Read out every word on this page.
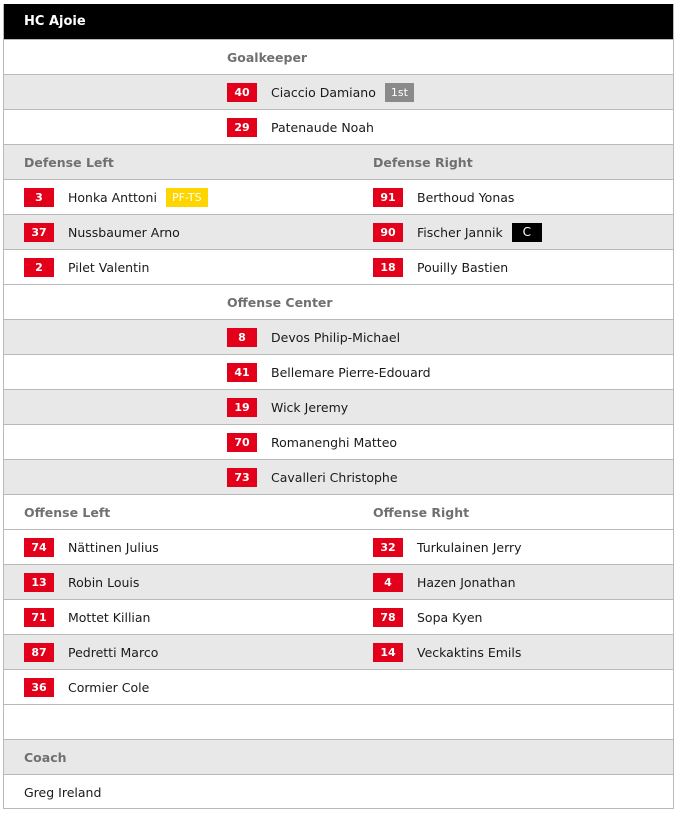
HC Ajoie
Goalkeeper
40	Ciaccio Damiano	1st
29	Patenaude Noah
Defense Left	Defense Right
3	Honka Anttoni	PF-TS	91	Berthoud Yonas
37	Nussbaumer Arno	90	Fischer Jannik	C
2	Pilet Valentin	18	Pouilly Bastien
Offense Center
8	Devos Philip-Michael
41	Bellemare Pierre-Edouard
19	Wick Jeremy
70	Romanenghi Matteo
73	Cavalleri Christophe
Offense Left	Offense Right
74	Nättinen Julius	32	Turkulainen Jerry
13	Robin Louis	4	Hazen Jonathan
71	Mottet Killian	78	Sopa Kyen
87	Pedretti Marco	14	Veckaktins Emils
36	Cormier Cole
Coach
Greg Ireland
